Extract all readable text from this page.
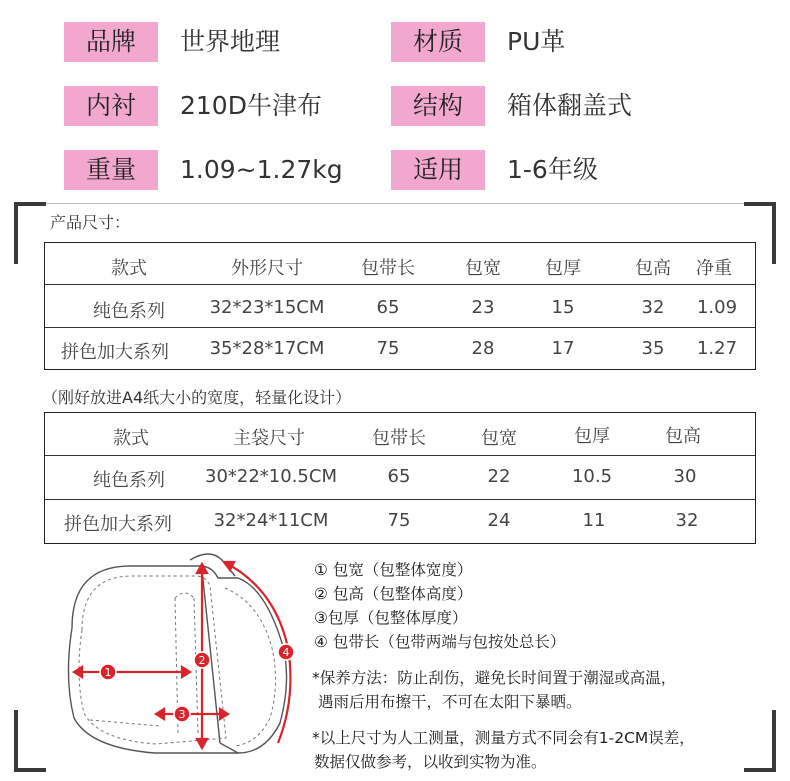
品牌	世界地理	材质	PU革
内衬	210D牛津布	结构	箱体翻盖式
重量	1.09~1.27kg	适用	1-6年级
产品尺寸：
款式	外形尺寸	包带长	包宽 包厚	包高 净重
纯色系列 32*23*15CM	65	23	15	32 1.09
拼色加大系列 35*28*17CM	75	28	17	35 1.27
（刚好放进A4纸大小的宽度，轻量化设计）
款式	主袋尺寸	包带长	包宽	包厚	包高
纯色系列 30*22*10.5CM	65	22	10.5	30
拼色加大系列 32*24*11CM	75	24	11	32
1
2
3
4
① 包宽（包整体宽度）
② 包高（包整体高度）
③包厚（包整体厚度）
④ 包带长（包带两端与包按处总长）
*保养方法：防止刮伤，避免长时间置于潮湿或高温，
遇雨后用布擦干，不可在太阳下暴晒。
*以上尺寸为人工测量，测量方式不同会有1-2CM误差，
数据仅做参考，以收到实物为准。
